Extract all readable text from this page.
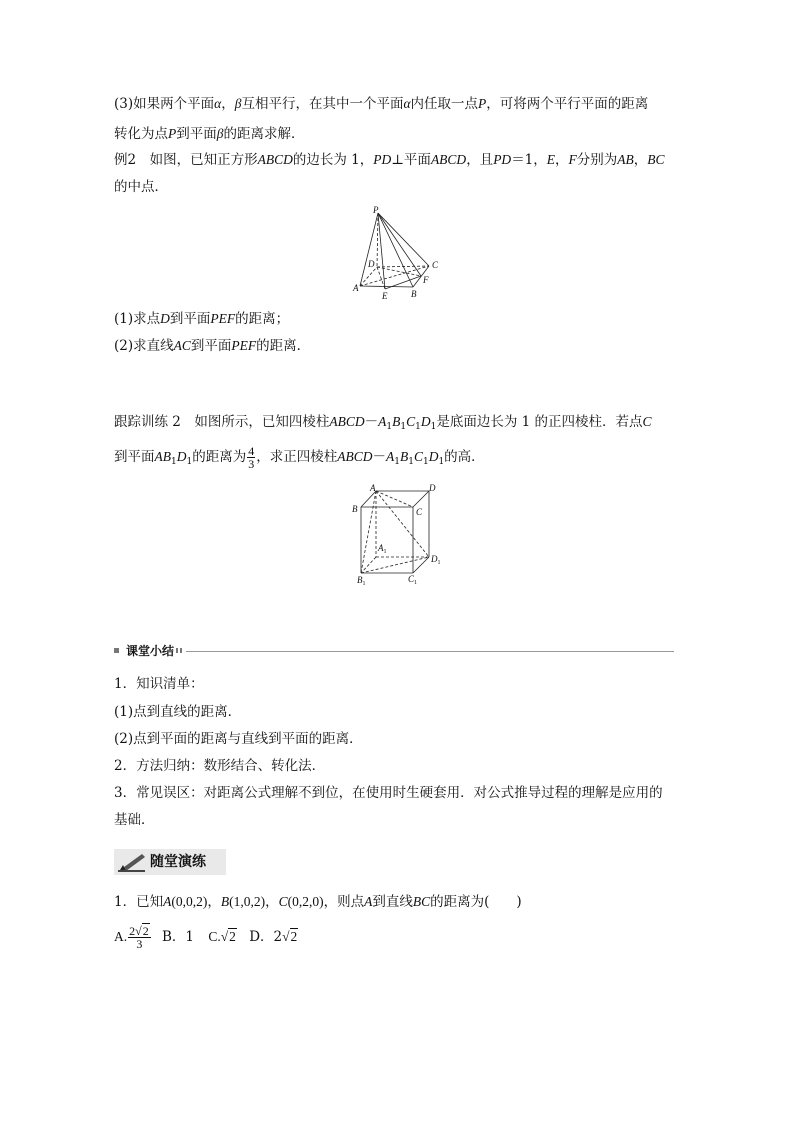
(3)如果两个平面α，β互相平行，在其中一个平面α内任取一点P，可将两个平行平面的距离
转化为点P到平面β的距离求解．
例2　如图，已知正方形ABCD的边长为 1，PD⊥平面ABCD，且PD＝1，E，F分别为AB，BC
的中点．
P
D	C
A
E	B
F
(1)求点D到平面PEF的距离；
(2)求直线AC到平面PEF的距离．
跟踪训练 2　如图所示，已知四棱柱$ABCD-A_1B_1C_1D_1$是底面边长为 1 的正四棱柱．若点C
到平面$AB_1D_1$的距离为 $\frac{4}{3}$ ，求正四棱柱$ABCD-A_1B_1C_1D_1$的高．
A	D
B	C
$A_1$
$D_1$
$B_1$	$C_1$
课堂小结
1．知识清单：
(1)点到直线的距离．
(2)点到平面的距离与直线到平面的距离．
2．方法归纳：数形结合、转化法．
3．常见误区：对距离公式理解不到位，在使用时生硬套用．对公式推导过程的理解是应用的
基础．
随堂演练
1．已知A(0,0,2)，B(1,0,2)，C(0,2,0)，则点A到直线BC的距离为(　　)
A. $\frac{2√2}{3}$ B．1 C.√2 D．2√2
